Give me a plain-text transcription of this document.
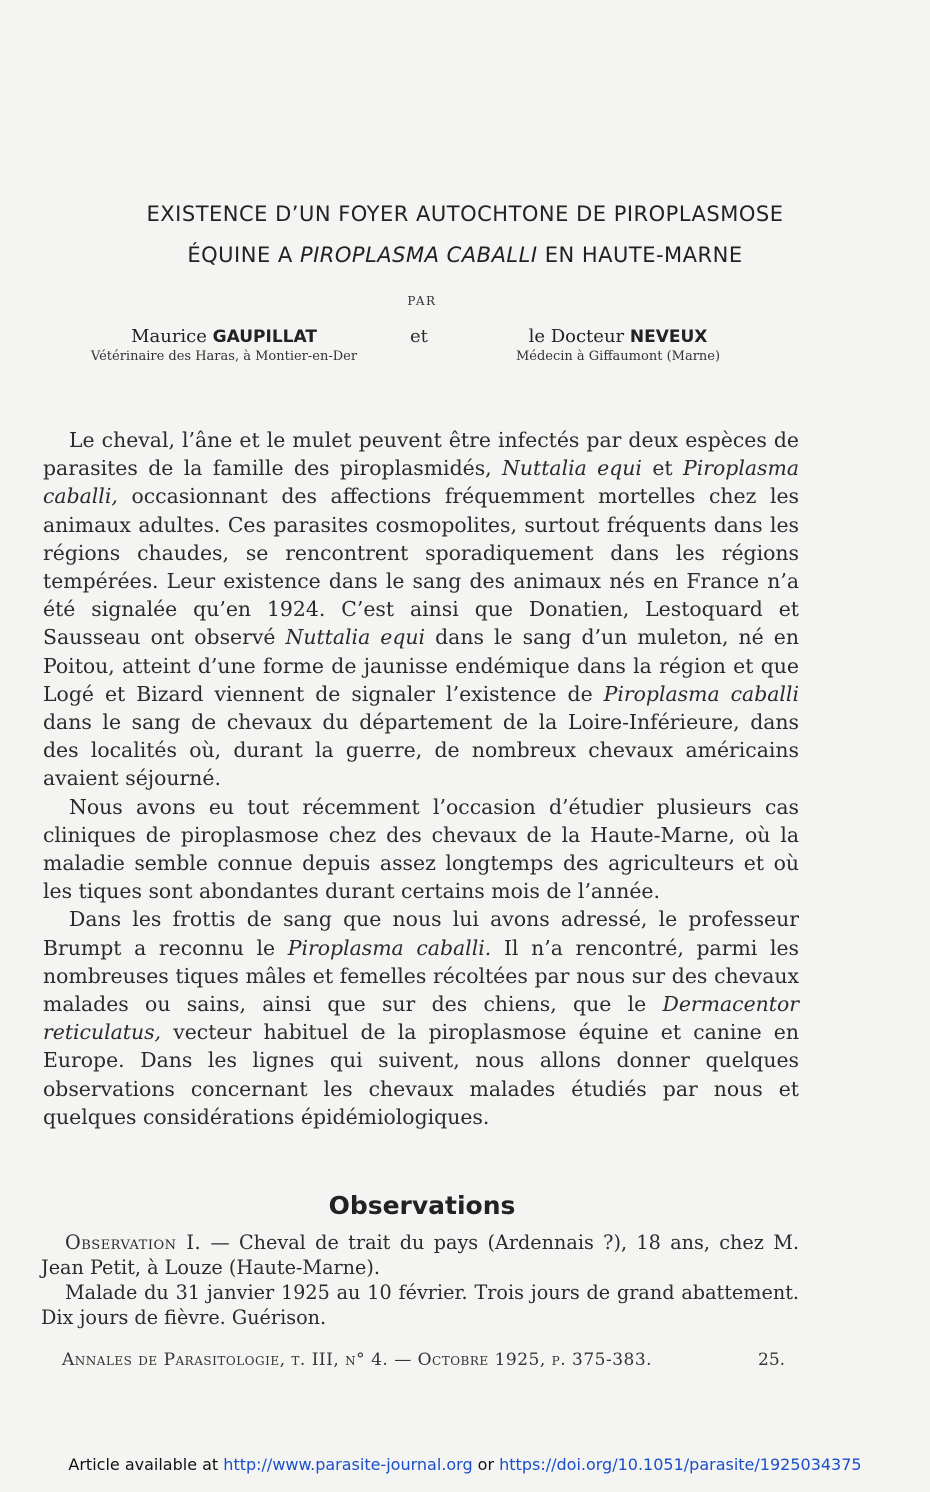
EXISTENCE D’UN FOYER AUTOCHTONE DE PIROPLASMOSE
ÉQUINE A PIROPLASMA CABALLI EN HAUTE-MARNE
PAR
Maurice GAUPILLAT
Vétérinaire des Haras, à Montier-en-Der
et	le Docteur NEVEUX
Médecin à Giffaumont (Marne)

Le cheval, l’âne et le mulet peuvent être infectés par deux espèces de parasites de la famille des piroplasmidés, Nuttalia equi et Piroplasma caballi, occasionnant des affections fréquemment mortelles chez les animaux adultes. Ces parasites cosmopolites, surtout fréquents dans les régions chaudes, se rencontrent sporadiquement dans les régions tempérées. Leur existence dans le sang des animaux nés en France n’a été signalée qu’en 1924. C’est ainsi que Donatien, Lestoquard et Sausseau ont observé Nuttalia equi dans le sang d’un muleton, né en Poitou, atteint d’une forme de jaunisse endémique dans la région et que Logé et Bizard viennent de signaler l’existence de Piroplasma caballi dans le sang de chevaux du département de la Loire-Inférieure, dans des localités où, durant la guerre, de nombreux chevaux américains avaient séjourné.

Nous avons eu tout récemment l’occasion d’étudier plusieurs cas cliniques de piroplasmose chez des chevaux de la Haute-Marne, où la maladie semble connue depuis assez longtemps des agriculteurs et où les tiques sont abondantes durant certains mois de l’année.

Dans les frottis de sang que nous lui avons adressé, le professeur Brumpt a reconnu le Piroplasma caballi. Il n’a rencontré, parmi les nombreuses tiques mâles et femelles récoltées par nous sur des chevaux malades ou sains, ainsi que sur des chiens, que le Dermacentor reticulatus, vecteur habituel de la piroplasmose équine et canine en Europe. Dans les lignes qui suivent, nous allons donner quelques observations concernant les chevaux malades étudiés par nous et quelques considérations épidémiologiques.

Observations

Observation I. — Cheval de trait du pays (Ardennais ?), 18 ans, chez M. Jean Petit, à Louze (Haute-Marne).

Malade du 31 janvier 1925 au 10 février. Trois jours de grand abattement. Dix jours de fièvre. Guérison.

Annales de Parasitologie, t. III, n° 4. — Octobre 1925, p. 375-383.	25.
Article available at http://www.parasite-journal.org or https://doi.org/10.1051/parasite/1925034375
